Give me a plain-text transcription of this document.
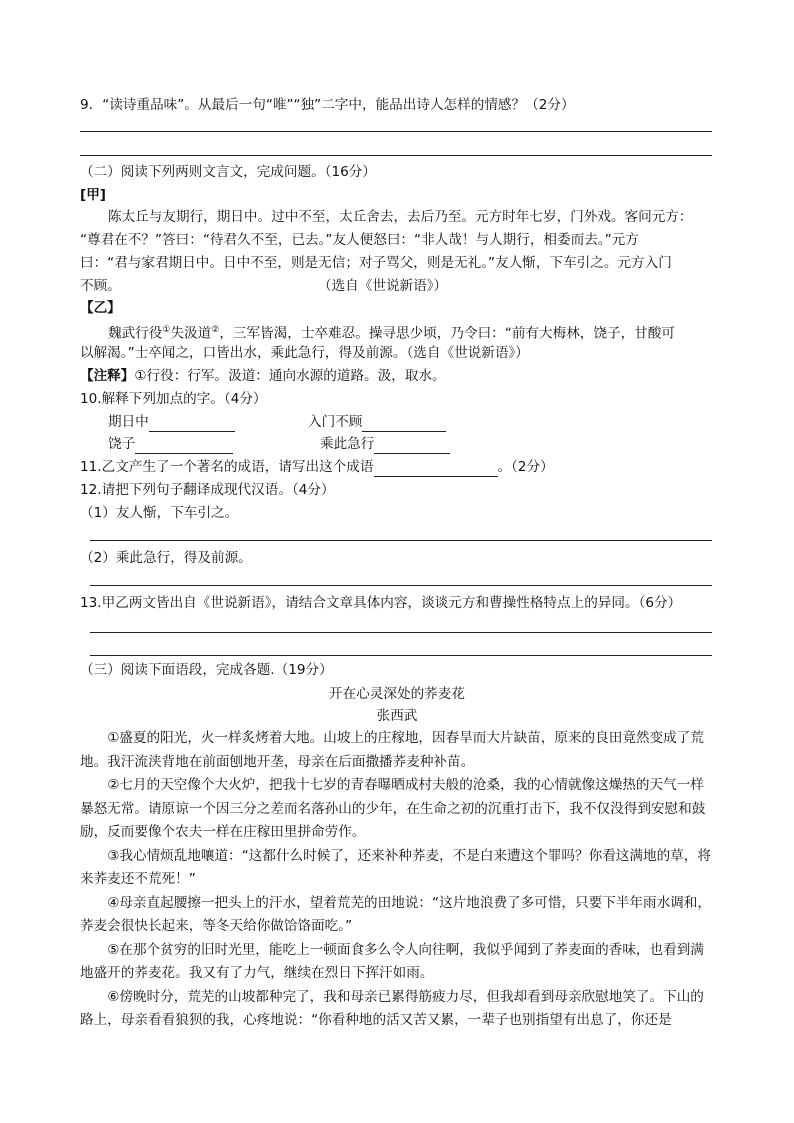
9．“读诗重品味”。从最后一句“唯”“独”二字中，能品出诗人怎样的情感？（2分）
（二）阅读下列两则文言文，完成问题。（16分）
[甲]
陈太丘与友期行，期日中。过中不至，太丘舍去，去后乃至。元方时年七岁，门外戏。客问元方：
“尊君在不？”答曰：“待君久不至，已去。”友人便怒曰：“非人哉！与人期行，相委而去。”元方
曰：“君与家君期日中。日中不至，则是无信；对子骂父，则是无礼。”友人惭，下车引之。元方入门
不顾。	（选自《世说新语》）
【乙】
魏武行役①失汲道②，三军皆渴，士卒难忍。操寻思少顷，乃令曰：“前有大梅林，饶子，甘酸可
以解渴。”士卒闻之，口皆出水，乘此急行，得及前源。（选自《世说新语》）
【注释】①行役：行军。汲道：通向水源的道路。汲，取水。
10.解释下列加点的字。（4分）
期日中	入门不顾
饶子	乘此急行
11.乙文产生了一个著名的成语，请写出这个成语	。（2分）
12.请把下列句子翻译成现代汉语。（4分）
（1）友人惭，下车引之。
（2）乘此急行，得及前源。
13.甲乙两文皆出自《世说新语》，请结合文章具体内容，谈谈元方和曹操性格特点上的异同。（6分）
（三）阅读下面语段，完成各题.（19分）
开在心灵深处的荞麦花
张西武

①盛夏的阳光，火一样炙烤着大地。山坡上的庄稼地，因春旱而大片缺苗，原来的良田竟然变成了荒地。我汗流浃背地在前面刨地开垄，母亲在后面撒播荞麦种补苗。

②七月的天空像个大火炉，把我十七岁的青春曝晒成村夫般的沧桑，我的心情就像这燥热的天气一样暴怒无常。请原谅一个因三分之差而名落孙山的少年，在生命之初的沉重打击下，我不仅没得到安慰和鼓励，反而要像个农夫一样在庄稼田里拼命劳作。

③我心情烦乱地嚷道：“这都什么时候了，还来补种荞麦，不是白来遭这个罪吗？你看这满地的草，将来荞麦还不荒死！”

④母亲直起腰擦一把头上的汗水，望着荒芜的田地说：“这片地浪费了多可惜，只要下半年雨水调和，荞麦会很快长起来，等冬天给你做饸饹面吃。”

⑤在那个贫穷的旧时光里，能吃上一顿面食多么令人向往啊，我似乎闻到了荞麦面的香味，也看到满地盛开的荞麦花。我又有了力气，继续在烈日下挥汗如雨。

⑥傍晚时分，荒芜的山坡都种完了，我和母亲已累得筋疲力尽，但我却看到母亲欣慰地笑了。下山的路上，母亲看看狼狈的我，心疼地说：“你看种地的活又苦又累，一辈子也别指望有出息了，你还是
